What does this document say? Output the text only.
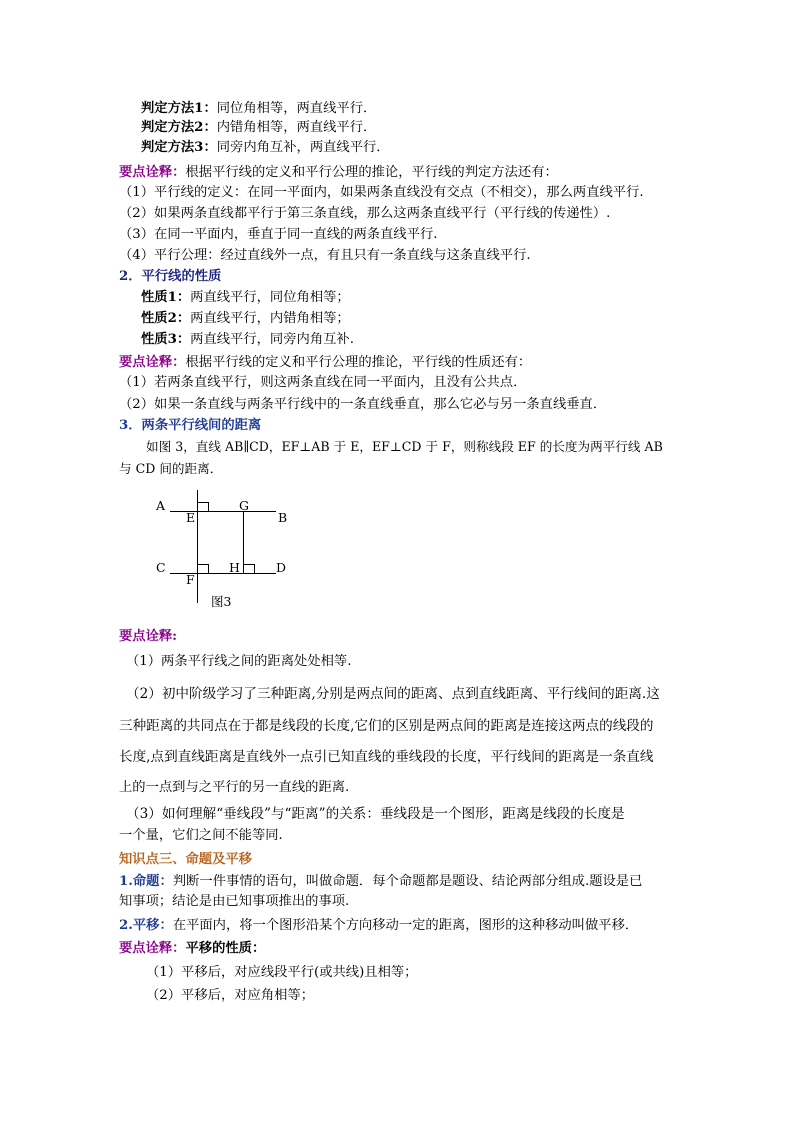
判定方法1：同位角相等，两直线平行．
判定方法2：内错角相等，两直线平行．
判定方法3：同旁内角互补，两直线平行．
要点诠释：根据平行线的定义和平行公理的推论，平行线的判定方法还有：
（1）平行线的定义：在同一平面内，如果两条直线没有交点（不相交），那么两直线平行.
（2）如果两条直线都平行于第三条直线，那么这两条直线平行（平行线的传递性）.
（3）在同一平面内，垂直于同一直线的两条直线平行.
（4）平行公理：经过直线外一点，有且只有一条直线与这条直线平行.
2．平行线的性质
性质1：两直线平行，同位角相等；
性质2：两直线平行，内错角相等；
性质3：两直线平行，同旁内角互补.
要点诠释：根据平行线的定义和平行公理的推论，平行线的性质还有：
（1）若两条直线平行，则这两条直线在同一平面内，且没有公共点．
（2）如果一条直线与两条平行线中的一条直线垂直，那么它必与另一条直线垂直．
3．两条平行线间的距离
如图 3，直线 AB∥CD，EF⊥AB 于 E，EF⊥CD 于 F，则称线段 EF 的长度为两平行线 AB
与 CD 间的距离．
A
B
C	D
E
F
G
H
图3
要点诠释:
（1）两条平行线之间的距离处处相等.
（2）初中阶级学习了三种距离,分别是两点间的距离、点到直线距离、平行线间的距离.这
三种距离的共同点在于都是线段的长度,它们的区别是两点间的距离是连接这两点的线段的
长度,点到直线距离是直线外一点引已知直线的垂线段的长度，平行线间的距离是一条直线
上的一点到与之平行的另一直线的距离.
（3）如何理解“垂线段”与“距离”的关系：垂线段是一个图形，距离是线段的长度是
一个量，它们之间不能等同.
知识点三、命题及平移
1.命题：判断一件事情的语句，叫做命题．每个命题都是题设、结论两部分组成.题设是已
知事项；结论是由已知事项推出的事项.
2.平移：在平面内，将一个图形沿某个方向移动一定的距离，图形的这种移动叫做平移．
要点诠释：平移的性质：
（1）平移后，对应线段平行(或共线)且相等；
（2）平移后，对应角相等；
